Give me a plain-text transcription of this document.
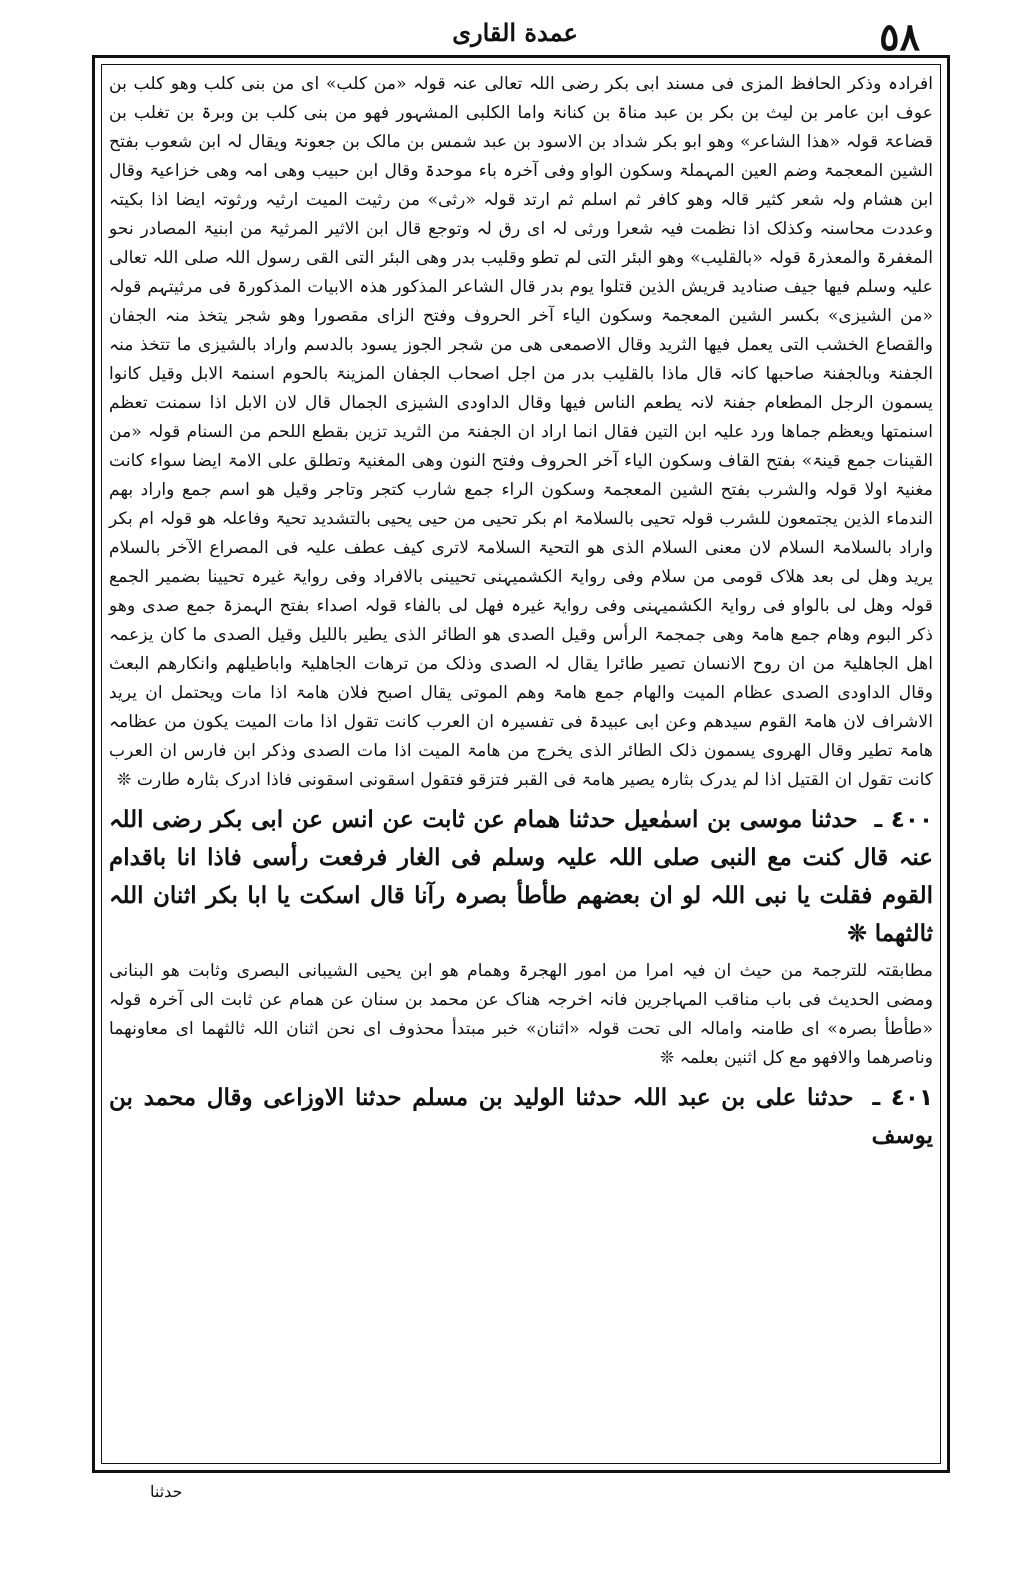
٥٨
عمدة القاری

افرادہ وذکر الحافظ المزی فی مسند ابی بکر رضی اللہ تعالی عنہ قولہ «من کلب» ای من بنی کلب وھو کلب بن عوف ابن عامر بن لیث بن بکر بن عبد مناۃ بن کنانۃ واما الکلبی المشہور فھو من بنی کلب بن وبرۃ بن تغلب بن قضاعۃ قولہ «ھذا الشاعر» وھو ابو بکر شداد بن الاسود بن عبد شمس بن مالک بن جعونۃ ویقال لہ ابن شعوب بفتح الشین المعجمۃ وضم العین المہملۃ وسکون الواو وفی آخرہ باء موحدۃ وقال ابن حبیب وھی امہ وھی خزاعیۃ وقال ابن ھشام ولہ شعر کثیر قالہ وھو کافر ثم اسلم ثم ارتد قولہ «رثی» من رثیت المیت ارثیہ ورثوتہ ایضا اذا بکیتہ وعددت محاسنہ وکذلک اذا نظمت فیہ شعرا ورثی لہ ای رق لہ وتوجع قال ابن الاثیر المرثیۃ من ابنیۃ المصادر نحو المغفرۃ والمعذرۃ قولہ «بالقلیب» وھو البئر التی لم تطو وقلیب بدر وھی البئر التی القی رسول اللہ صلی اللہ تعالی علیہ وسلم فیھا جیف صنادید قریش الذین قتلوا یوم بدر قال الشاعر المذکور ھذہ الابیات المذکورۃ فی مرثیتہم قولہ «من الشیزی» بکسر الشین المعجمۃ وسکون الیاء آخر الحروف وفتح الزای مقصورا وھو شجر یتخذ منہ الجفان والقصاع الخشب التی یعمل فیھا الثرید وقال الاصمعی ھی من شجر الجوز یسود بالدسم واراد بالشیزی ما تتخذ منہ الجفنۃ وبالجفنۃ صاحبھا کانہ قال ماذا بالقلیب بدر من اجل اصحاب الجفان المزینۃ بالحوم اسنمۃ الابل وقیل کانوا یسمون الرجل المطعام جفنۃ لانہ یطعم الناس فیھا وقال الداودی الشیزی الجمال قال لان الابل اذا سمنت تعظم اسنمتھا ویعظم جماھا ورد علیہ ابن التین فقال انما اراد ان الجفنۃ من الثرید تزین بقطع اللحم من السنام قولہ «من القینات جمع قینۃ» بفتح القاف وسکون الیاء آخر الحروف وفتح النون وھی المغنیۃ وتطلق علی الامۃ ایضا سواء کانت مغنیۃ اولا قولہ والشرب بفتح الشین المعجمۃ وسکون الراء جمع شارب کتجر وتاجر وقیل ھو اسم جمع واراد بھم الندماء الذین یجتمعون للشرب قولہ تحیی بالسلامۃ ام بکر تحیی من حیی یحیی بالتشدید تحیۃ وفاعلہ ھو قولہ ام بکر واراد بالسلامۃ السلام لان معنی السلام الذی ھو التحیۃ السلامۃ لاتری کیف عطف علیہ فی المصراع الآخر بالسلام یرید وھل لی بعد ھلاک قومی من سلام وفی روایۃ الکشمیہنی تحیینی بالافراد وفی روایۃ غیرہ تحیینا بضمیر الجمع قولہ وھل لی بالواو فی روایۃ الکشمیہنی وفی روایۃ غیرہ فھل لی بالفاء قولہ اصداء بفتح الہمزۃ جمع صدی وھو ذکر البوم وھام جمع ھامۃ وھی جمجمۃ الرأس وقیل الصدی ھو الطائر الذی یطیر باللیل وقیل الصدی ما کان یزعمہ اھل الجاھلیۃ من ان روح الانسان تصیر طائرا یقال لہ الصدی وذلک من ترھات الجاھلیۃ واباطیلھم وانکارھم البعث وقال الداودی الصدی عظام المیت والھام جمع ھامۃ وھم الموتی یقال اصبح فلان ھامۃ اذا مات ویحتمل ان یرید الاشراف لان ھامۃ القوم سیدھم وعن ابی عبیدۃ فی تفسیرہ ان العرب کانت تقول اذا مات المیت یکون من عظامہ ھامۃ تطیر وقال الھروی یسمون ذلک الطائر الذی یخرج من ھامۃ المیت اذا مات الصدی وذکر ابن فارس ان العرب کانت تقول ان القتیل اذا لم یدرک بثارہ یصیر ھامۃ فی القبر فتزقو فتقول اسقونی اسقونی فاذا ادرک بثارہ طارت ❊

٤٠٠ ـ حدثنا موسی بن اسمٰعیل حدثنا ھمام عن ثابت عن انس عن ابی بکر رضی اللہ عنہ قال کنت مع النبی صلی اللہ علیہ وسلم فی الغار فرفعت رأسی فاذا انا باقدام القوم فقلت یا نبی اللہ لو ان بعضھم طأطأ بصرہ رآنا قال اسکت یا ابا بکر اثنان اللہ ثالثھما ❊

مطابقتہ للترجمۃ من حیث ان فیہ امرا من امور الھجرۃ وھمام ھو ابن یحیی الشیبانی البصری وثابت ھو البنانی ومضی الحدیث فی باب مناقب المہاجرین فانہ اخرجہ ھناک عن محمد بن سنان عن ھمام عن ثابت الی آخرہ قولہ «طأطأ بصرہ» ای طامنہ وامالہ الی تحت قولہ «اثنان» خبر مبتدأ محذوف ای نحن اثنان اللہ ثالثھما ای معاونھما وناصرھما والافھو مع کل اثنین بعلمہ ❊

٤٠١ ـ حدثنا علی بن عبد اللہ حدثنا الولید بن مسلم حدثنا الاوزاعی وقال محمد بن یوسف

حدثنا
